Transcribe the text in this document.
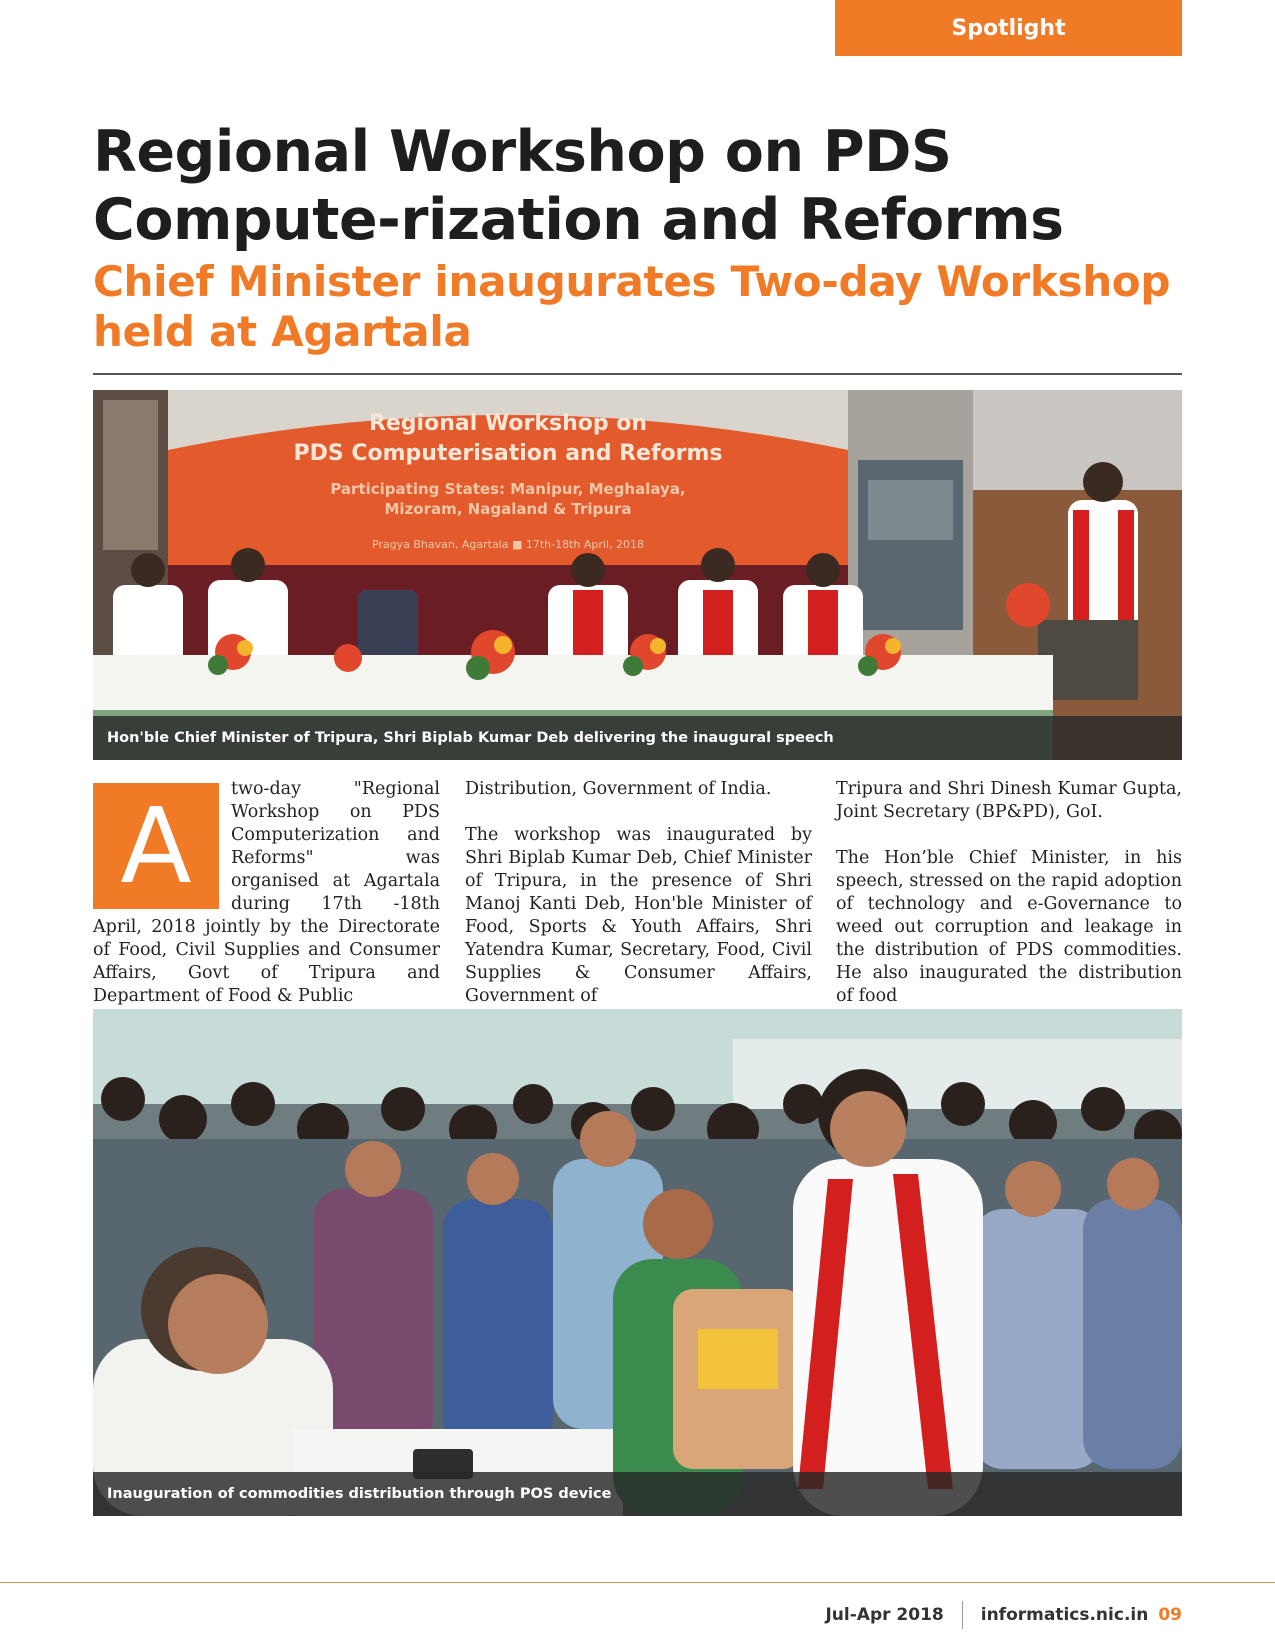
Spotlight
Regional Workshop on PDS Compute-rization and Reforms
Chief Minister inaugurates Two-day Workshop held at Agartala
Regional Workshop on
PDS Computerisation and Reforms
Participating States: Manipur, Meghalaya,
Mizoram, Nagaland & Tripura
Pragya Bhavan, Agartala ■ 17th-18th April, 2018
Hon'ble Chief Minister of Tripura, Shri Biplab Kumar Deb delivering the inaugural speech
A	two-day "Regional Workshop on PDS Computerization and Reforms" was organised at Agartala during 17th -18th April, 2018 jointly by the Directorate of Food, Civil Supplies and Consumer Affairs, Govt of Tripura and Department of Food & Public

Distribution, Government of India.

The workshop was inaugurated by Shri Biplab Kumar Deb, Chief Minister of Tripura, in the presence of Shri Manoj Kanti Deb, Hon'ble Minister of Food, Sports & Youth Affairs, Shri Yatendra Kumar, Secretary, Food, Civil Supplies & Consumer Affairs, Government of

Tripura and Shri Dinesh Kumar Gupta, Joint Secretary (BP&PD), GoI.

The Hon’ble Chief Minister, in his speech, stressed on the rapid adoption of technology and e-Governance to weed out corruption and leakage in the distribution of PDS commodities. He also inaugurated the distribution of food

Inauguration of commodities distribution through POS device
Jul-Apr 2018 informatics.nic.in 09
